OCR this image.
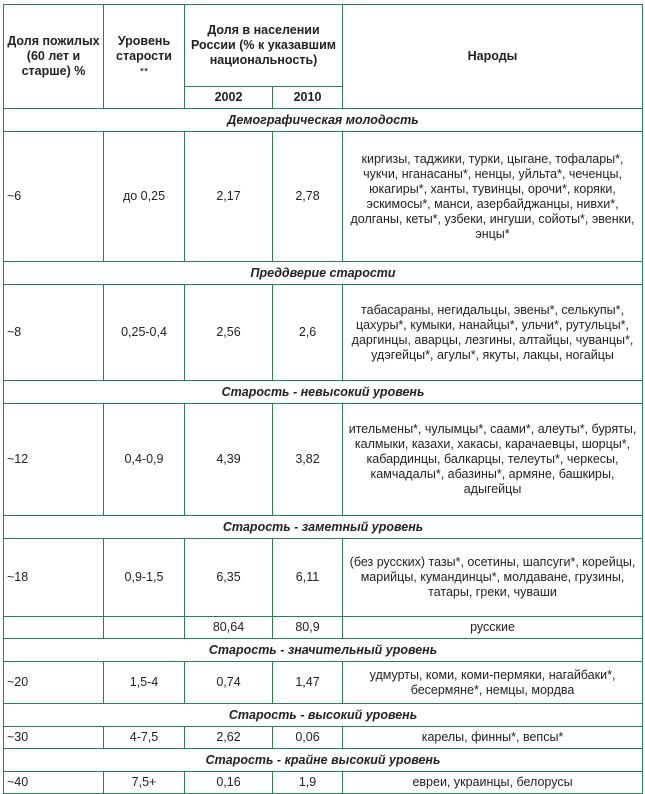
Доля пожилых (60 лет и старше) %	Уровень старости
**	Доля в населении России (% к указавшим национальность)		Народы
		2002	2010	
Демографическая молодость				
~6	до 0,25	2,17	2,78	киргизы, таджики, турки, цыгане, тофалары*, чукчи, нганасаны*, ненцы, уйльта*, чеченцы, юкагиры*, ханты, тувинцы, орочи*, коряки, эскимосы*, манси, азербайджанцы, нивхи*, долганы, кеты*, узбеки, ингуши, сойоты*, эвенки, энцы*
Преддверие старости				
~8	0,25-0,4	2,56	2,6	табасараны, негидальцы, эвены*, селькупы*, цахуры*, кумыки, нанайцы*, ульчи*, рутульцы*, даргинцы, аварцы, лезгины, алтайцы, чуванцы*, удэгейцы*, агулы*, якуты, лакцы, ногайцы
Старость - невысокий уровень				
~12	0,4-0,9	4,39	3,82	ительмены*, чулымцы*, саами*, алеуты*, буряты, калмыки, казахи, хакасы, карачаевцы, шорцы*, кабардинцы, балкарцы, телеуты*, черкесы, камчадалы*, абазины*, армяне, башкиры, адыгейцы
Старость - заметный уровень				
~18	0,9-1,5	6,35	6,11	(без русских) тазы*, осетины, шапсуги*, корейцы, марийцы, кумандинцы*, молдаване, грузины, татары, греки, чуваши
		80,64	80,9	русские
Старость - значительный уровень				
~20	1,5-4	0,74	1,47	удмурты, коми, коми-пермяки, нагайбаки*, бесермяне*, немцы, мордва
Старость - высокий уровень				
~30	4-7,5	2,62	0,06	карелы, финны*, вепсы*
Старость - крайне высокий уровень				
~40	7,5+	0,16	1,9	евреи, украинцы, белорусы
